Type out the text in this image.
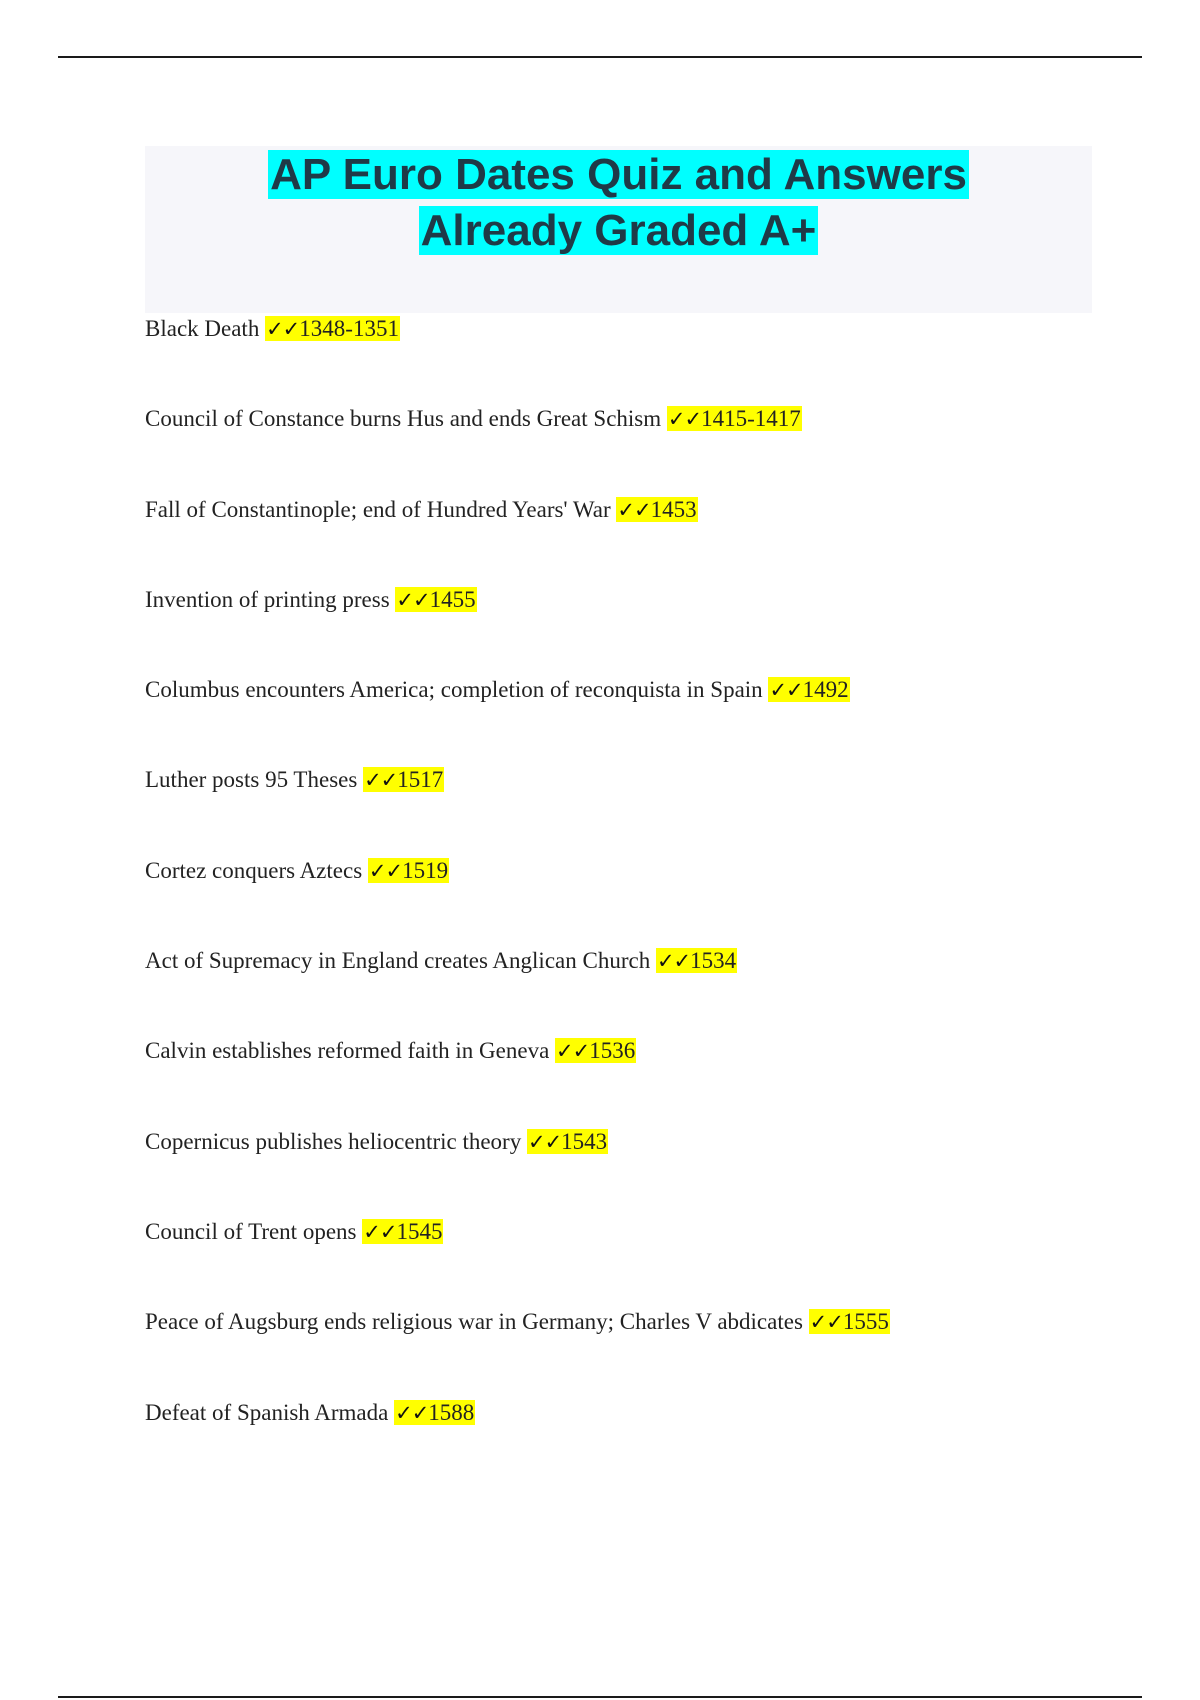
AP Euro Dates Quiz and Answers
Already Graded A+
Black Death ✓✓1348-1351
Council of Constance burns Hus and ends Great Schism ✓✓1415-1417
Fall of Constantinople; end of Hundred Years' War ✓✓1453
Invention of printing press ✓✓1455
Columbus encounters America; completion of reconquista in Spain ✓✓1492
Luther posts 95 Theses ✓✓1517
Cortez conquers Aztecs ✓✓1519
Act of Supremacy in England creates Anglican Church ✓✓1534
Calvin establishes reformed faith in Geneva ✓✓1536
Copernicus publishes heliocentric theory ✓✓1543
Council of Trent opens ✓✓1545
Peace of Augsburg ends religious war in Germany; Charles V abdicates ✓✓1555
Defeat of Spanish Armada ✓✓1588
